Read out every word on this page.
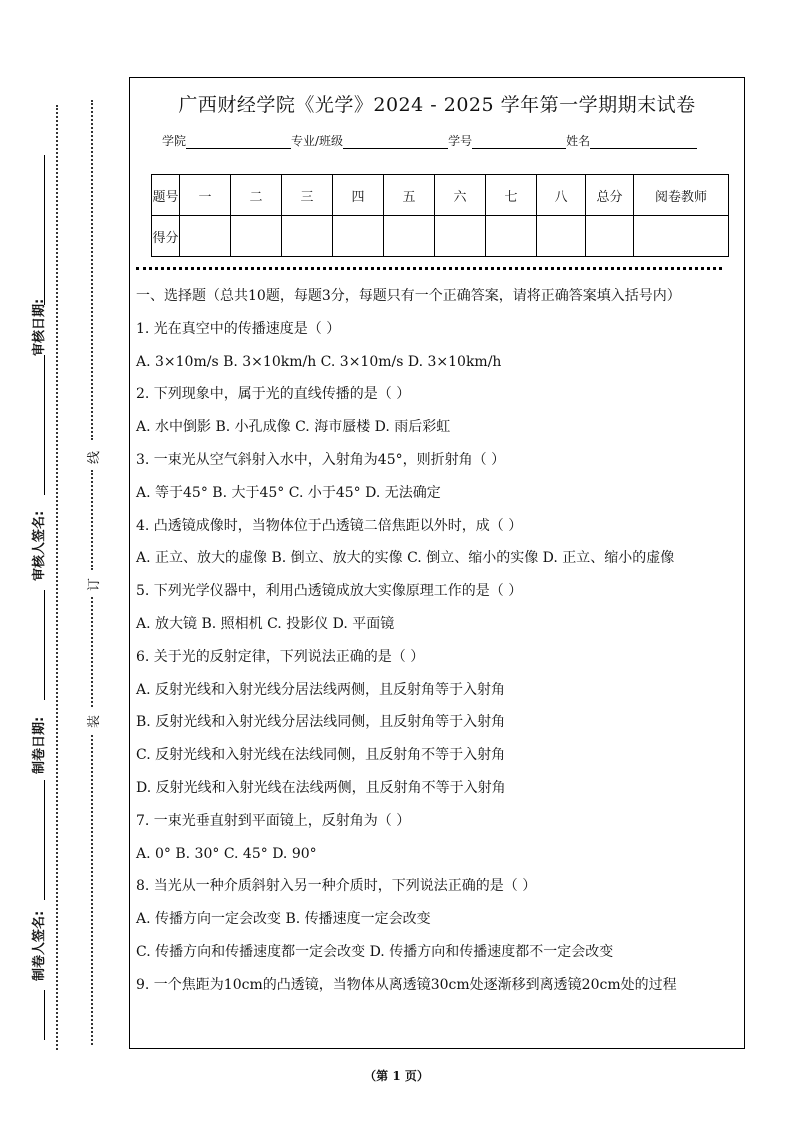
审核日期:
审核人签名:
制卷日期:
制卷人签名:
线
订
装
广西财经学院《光学》2024 - 2025 学年第一学期期末试卷
学院	专业/班级	学号	姓名
题号	一	二	三	四	五	六	七	八	总分	阅卷教师
得分										

一、选择题（总共10题，每题3分，每题只有一个正确答案，请将正确答案填入括号内）

1. 光在真空中的传播速度是（ ）

A. 3×10m/s B. 3×10km/h C. 3×10m/s D. 3×10km/h

2. 下列现象中，属于光的直线传播的是（ ）

A. 水中倒影 B. 小孔成像 C. 海市蜃楼 D. 雨后彩虹

3. 一束光从空气斜射入水中，入射角为45°，则折射角（ ）

A. 等于45° B. 大于45° C. 小于45° D. 无法确定

4. 凸透镜成像时，当物体位于凸透镜二倍焦距以外时，成（ ）

A. 正立、放大的虚像 B. 倒立、放大的实像 C. 倒立、缩小的实像 D. 正立、缩小的虚像

5. 下列光学仪器中，利用凸透镜成放大实像原理工作的是（ ）

A. 放大镜 B. 照相机 C. 投影仪 D. 平面镜

6. 关于光的反射定律，下列说法正确的是（ ）

A. 反射光线和入射光线分居法线两侧，且反射角等于入射角

B. 反射光线和入射光线分居法线同侧，且反射角等于入射角

C. 反射光线和入射光线在法线同侧，且反射角不等于入射角

D. 反射光线和入射光线在法线两侧，且反射角不等于入射角

7. 一束光垂直射到平面镜上，反射角为（ ）

A. 0° B. 30° C. 45° D. 90°

8. 当光从一种介质斜射入另一种介质时，下列说法正确的是（ ）

A. 传播方向一定会改变 B. 传播速度一定会改变

C. 传播方向和传播速度都一定会改变 D. 传播方向和传播速度都不一定会改变

9. 一个焦距为10cm的凸透镜，当物体从离透镜30cm处逐渐移到离透镜20cm处的过程

（第 1 页）
